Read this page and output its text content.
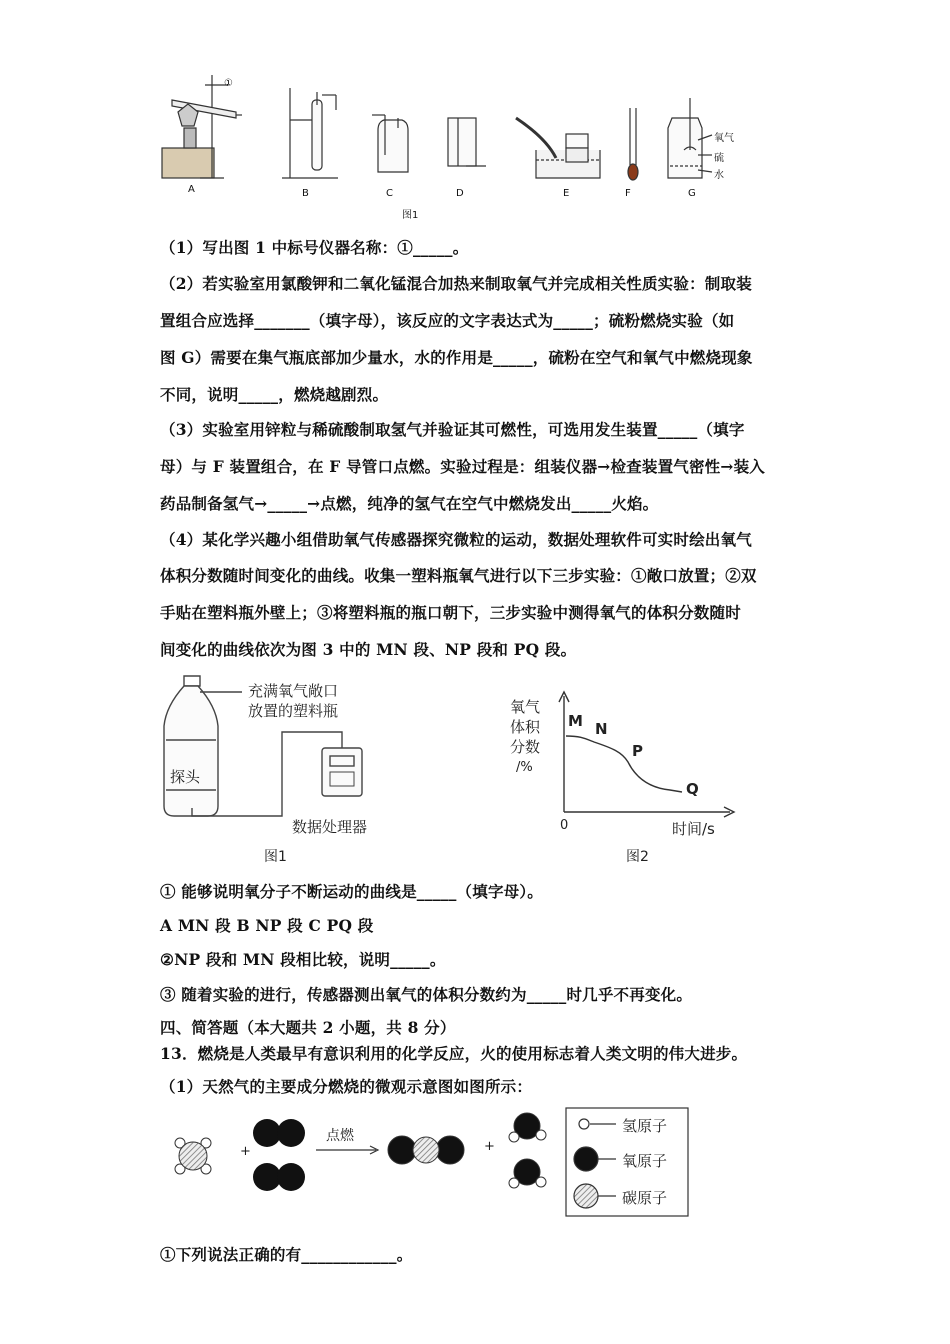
①
A	B	C	D	E	F	G
氧气
硫
水
图1
（1）写出图 1 中标号仪器名称：①_____。
（2）若实验室用氯酸钾和二氧化锰混合加热来制取氧气并完成相关性质实验：制取装
置组合应选择_______（填字母），该反应的文字表达式为_____；硫粉燃烧实验（如
图 G）需要在集气瓶底部加少量水，水的作用是_____，硫粉在空气和氧气中燃烧现象
不同，说明_____，燃烧越剧烈。
（3）实验室用锌粒与稀硫酸制取氢气并验证其可燃性，可选用发生装置_____（填字
母）与 F 装置组合，在 F 导管口点燃。实验过程是：组装仪器→检查装置气密性→装入
药品制备氢气→_____→点燃，纯净的氢气在空气中燃烧发出_____火焰。
（4）某化学兴趣小组借助氧气传感器探究微粒的运动，数据处理软件可实时绘出氧气
体积分数随时间变化的曲线。收集一塑料瓶氧气进行以下三步实验：①敞口放置；②双
手贴在塑料瓶外壁上；③将塑料瓶的瓶口朝下，三步实验中测得氧气的体积分数随时
间变化的曲线依次为图 3 中的 MN 段、NP 段和 PQ 段。
充满氧气敞口
放置的塑料瓶
探头
数据处理器
图1
氧气
体积
分数
/%
M N
P
Q
0	时间/s
图2
① 能够说明氧分子不断运动的曲线是_____（填字母）。
A MN 段 B NP 段 C PQ 段
②NP 段和 MN 段相比较，说明_____。
③ 随着实验的进行，传感器测出氧气的体积分数约为_____时几乎不再变化。
四、简答题（本大题共 2 小题，共 8 分）
13．燃烧是人类最早有意识利用的化学反应，火的使用标志着人类文明的伟大进步。
（1）天然气的主要成分燃烧的微观示意图如图所示：
+
点燃
+
氢原子
氧原子
碳原子
①下列说法正确的有____________。
